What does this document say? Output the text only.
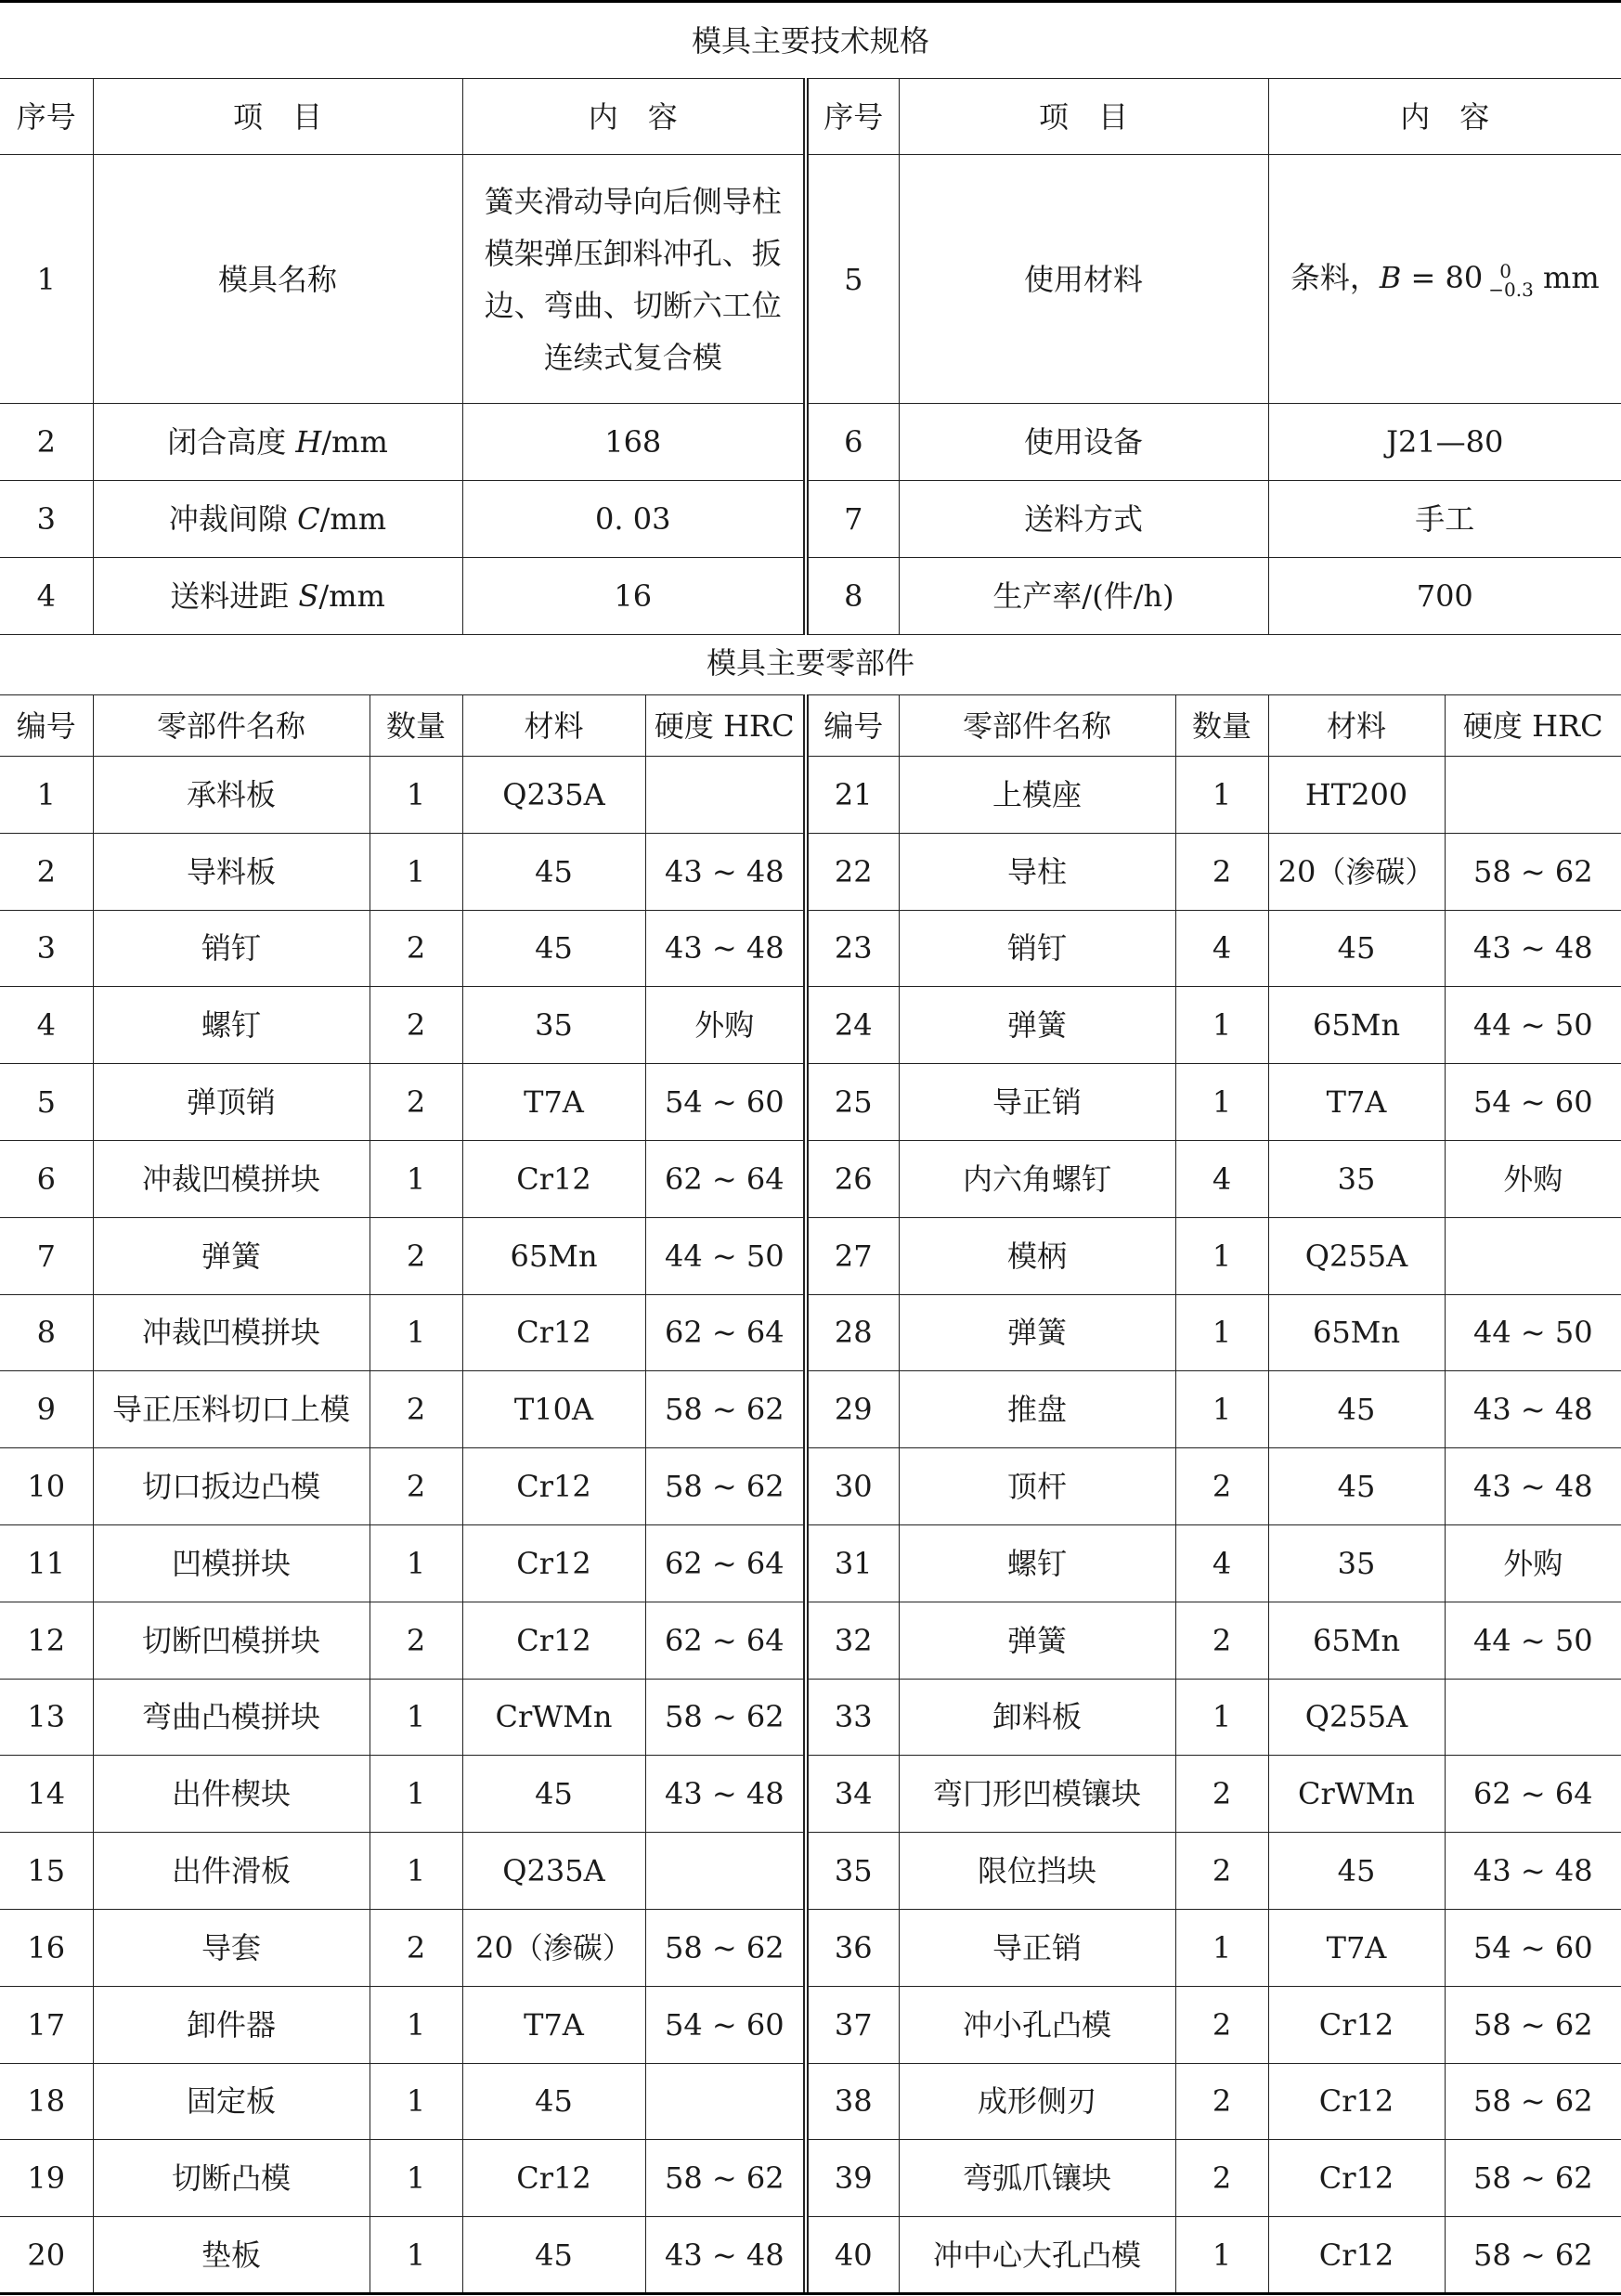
模具主要技术规格
序号	项　目	内　容	序号	项　目	内　容
1	模具名称	簧夹滑动导向后侧导柱模架弹压卸料冲孔、扳边、弯曲、切断六工位连续式复合模	5	使用材料	条料，B = 80 0
−0.3 mm
2	闭合高度 H/mm	168	6	使用设备	J21—80
3	冲裁间隙 C/mm	0. 03	7	送料方式	手工
4	送料进距 S/mm	16	8	生产率/(件/h)	700
模具主要零部件
编号	零部件名称	数量	材料	硬度 HRC	编号	零部件名称	数量	材料	硬度 HRC
1	承料板	1	Q235A		21	上模座	1	HT200	
2	导料板	1	45	43 ~ 48	22	导柱	2	20（渗碳）	58 ~ 62
3	销钉	2	45	43 ~ 48	23	销钉	4	45	43 ~ 48
4	螺钉	2	35	外购	24	弹簧	1	65Mn	44 ~ 50
5	弹顶销	2	T7A	54 ~ 60	25	导正销	1	T7A	54 ~ 60
6	冲裁凹模拼块	1	Cr12	62 ~ 64	26	内六角螺钉	4	35	外购
7	弹簧	2	65Mn	44 ~ 50	27	模柄	1	Q255A	
8	冲裁凹模拼块	1	Cr12	62 ~ 64	28	弹簧	1	65Mn	44 ~ 50
9	导正压料切口上模	2	T10A	58 ~ 62	29	推盘	1	45	43 ~ 48
10	切口扳边凸模	2	Cr12	58 ~ 62	30	顶杆	2	45	43 ~ 48
11	凹模拼块	1	Cr12	62 ~ 64	31	螺钉	4	35	外购
12	切断凹模拼块	2	Cr12	62 ~ 64	32	弹簧	2	65Mn	44 ~ 50
13	弯曲凸模拼块	1	CrWMn	58 ~ 62	33	卸料板	1	Q255A	
14	出件楔块	1	45	43 ~ 48	34	弯冂形凹模镶块	2	CrWMn	62 ~ 64
15	出件滑板	1	Q235A		35	限位挡块	2	45	43 ~ 48
16	导套	2	20（渗碳）	58 ~ 62	36	导正销	1	T7A	54 ~ 60
17	卸件器	1	T7A	54 ~ 60	37	冲小孔凸模	2	Cr12	58 ~ 62
18	固定板	1	45		38	成形侧刃	2	Cr12	58 ~ 62
19	切断凸模	1	Cr12	58 ~ 62	39	弯弧爪镶块	2	Cr12	58 ~ 62
20	垫板	1	45	43 ~ 48	40	冲中心大孔凸模	1	Cr12	58 ~ 62
